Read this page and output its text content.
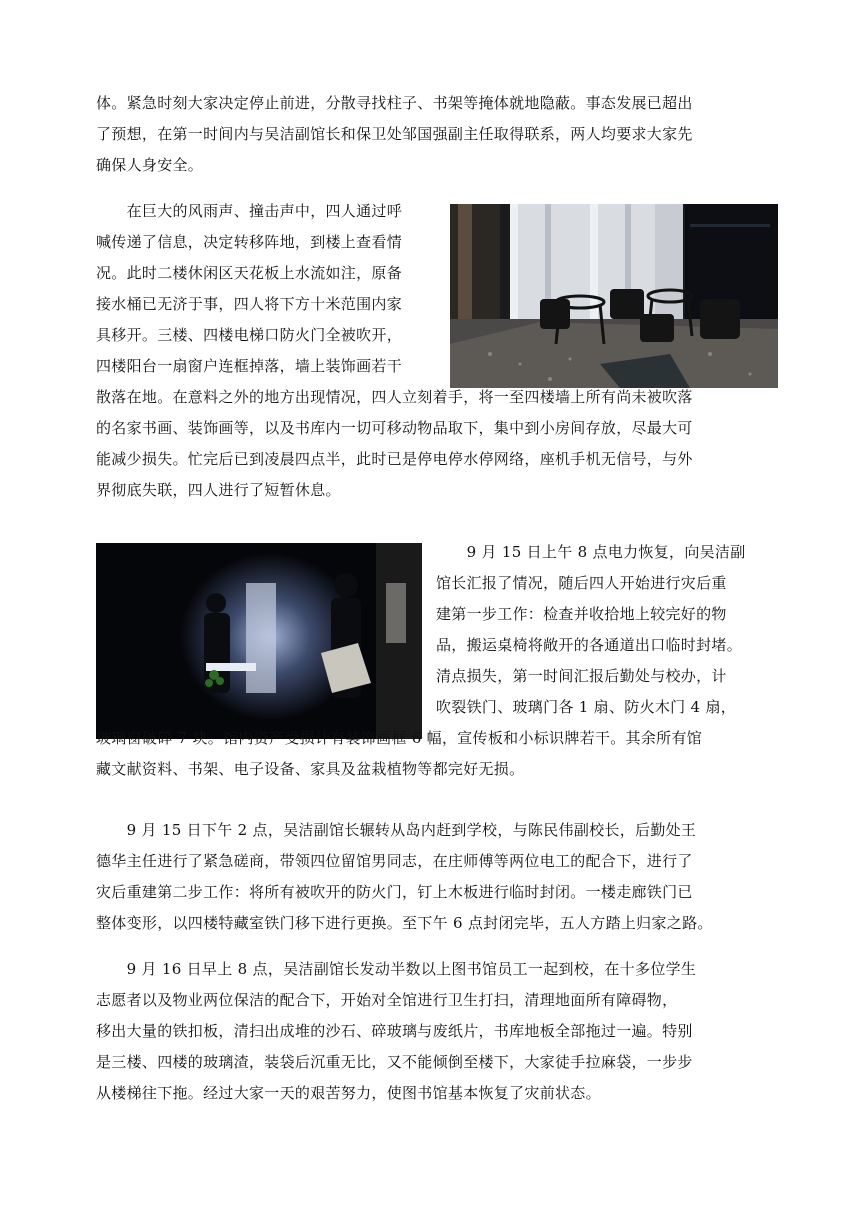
体。紧急时刻大家决定停止前进，分散寻找柱子、书架等掩体就地隐蔽。事态发展已超出
了预想，在第一时间内与吴洁副馆长和保卫处邹国强副主任取得联系，两人均要求大家先
确保人身安全。
　　在巨大的风雨声、撞击声中，四人通过呼
喊传递了信息，决定转移阵地，到楼上查看情
况。此时二楼休闲区天花板上水流如注，原备
接水桶已无济于事，四人将下方十米范围内家
具移开。三楼、四楼电梯口防火门全被吹开，
四楼阳台一扇窗户连框掉落，墙上装饰画若干
散落在地。在意料之外的地方出现情况，四人立刻着手，将一至四楼墙上所有尚未被吹落
的名家书画、装饰画等，以及书库内一切可移动物品取下，集中到小房间存放，尽最大可
能减少损失。忙完后已到凌晨四点半，此时已是停电停水停网络，座机手机无信号，与外
界彻底失联，四人进行了短暂休息。
　　9 月 15 日上午 8 点电力恢复，向吴洁副
馆长汇报了情况，随后四人开始进行灾后重
建第一步工作：检查并收拾地上较完好的物
品，搬运桌椅将敞开的各通道出口临时封堵。
清点损失，第一时间汇报后勤处与校办，计
吹裂铁门、玻璃门各 1 扇、防火木门 4 扇，
玻璃窗破碎 7 块。馆内资产受损计有装饰画框 6 幅，宣传板和小标识牌若干。其余所有馆
藏文献资料、书架、电子设备、家具及盆栽植物等都完好无损。
　　9 月 15 日下午 2 点，吴洁副馆长辗转从岛内赶到学校，与陈民伟副校长，后勤处王
德华主任进行了紧急磋商，带领四位留馆男同志，在庄师傅等两位电工的配合下，进行了
灾后重建第二步工作：将所有被吹开的防火门，钉上木板进行临时封闭。一楼走廊铁门已
整体变形，以四楼特藏室铁门移下进行更换。至下午 6 点封闭完毕，五人方踏上归家之路。
　　9 月 16 日早上 8 点，吴洁副馆长发动半数以上图书馆员工一起到校，在十多位学生
志愿者以及物业两位保洁的配合下，开始对全馆进行卫生打扫，清理地面所有障碍物，
移出大量的铁扣板，清扫出成堆的沙石、碎玻璃与废纸片，书库地板全部拖过一遍。特别
是三楼、四楼的玻璃渣，装袋后沉重无比，又不能倾倒至楼下，大家徒手拉麻袋，一步步
从楼梯往下拖。经过大家一天的艰苦努力，使图书馆基本恢复了灾前状态。
